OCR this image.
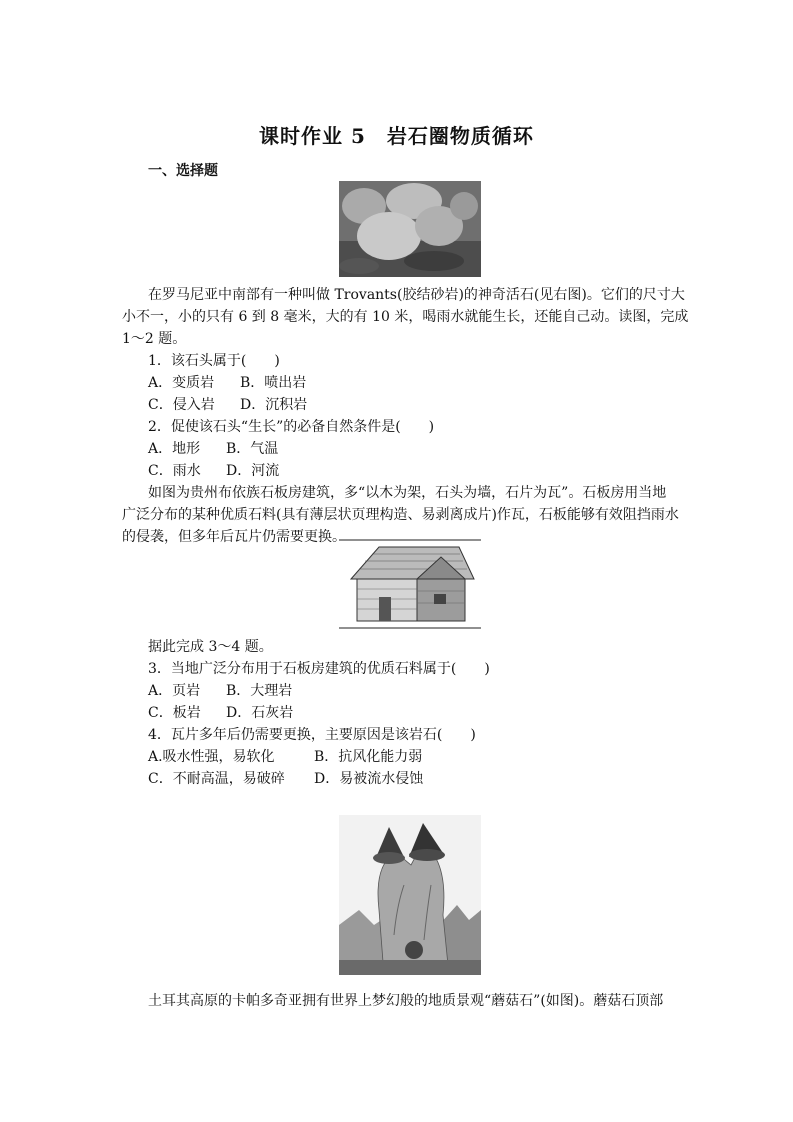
课时作业 5　岩石圈物质循环
一、选择题
在罗马尼亚中南部有一种叫做 Trovants(胶结砂岩)的神奇活石(见右图)。它们的尺寸大
小不一，小的只有 6 到 8 毫米，大的有 10 米，喝雨水就能生长，还能自己动。读图，完成
1～2 题。
1．该石头属于(　　)
A．变质岩 B．喷出岩
C．侵入岩 D．沉积岩
2．促使该石头“生长”的必备自然条件是(　　)
A．地形 B．气温
C．雨水 D．河流
如图为贵州布依族石板房建筑，多“以木为架，石头为墙，石片为瓦”。石板房用当地
广泛分布的某种优质石料(具有薄层状页理构造、易剥离成片)作瓦，石板能够有效阻挡雨水
的侵袭，但多年后瓦片仍需要更换。
据此完成 3～4 题。
3．当地广泛分布用于石板房建筑的优质石料属于(　　)
A．页岩 B．大理岩
C．板岩 D．石灰岩
4．瓦片多年后仍需要更换，主要原因是该岩石(　　)
A.吸水性强，易软化	B．抗风化能力弱
C．不耐高温，易破碎 D．易被流水侵蚀
土耳其高原的卡帕多奇亚拥有世界上梦幻般的地质景观“蘑菇石”(如图)。蘑菇石顶部
